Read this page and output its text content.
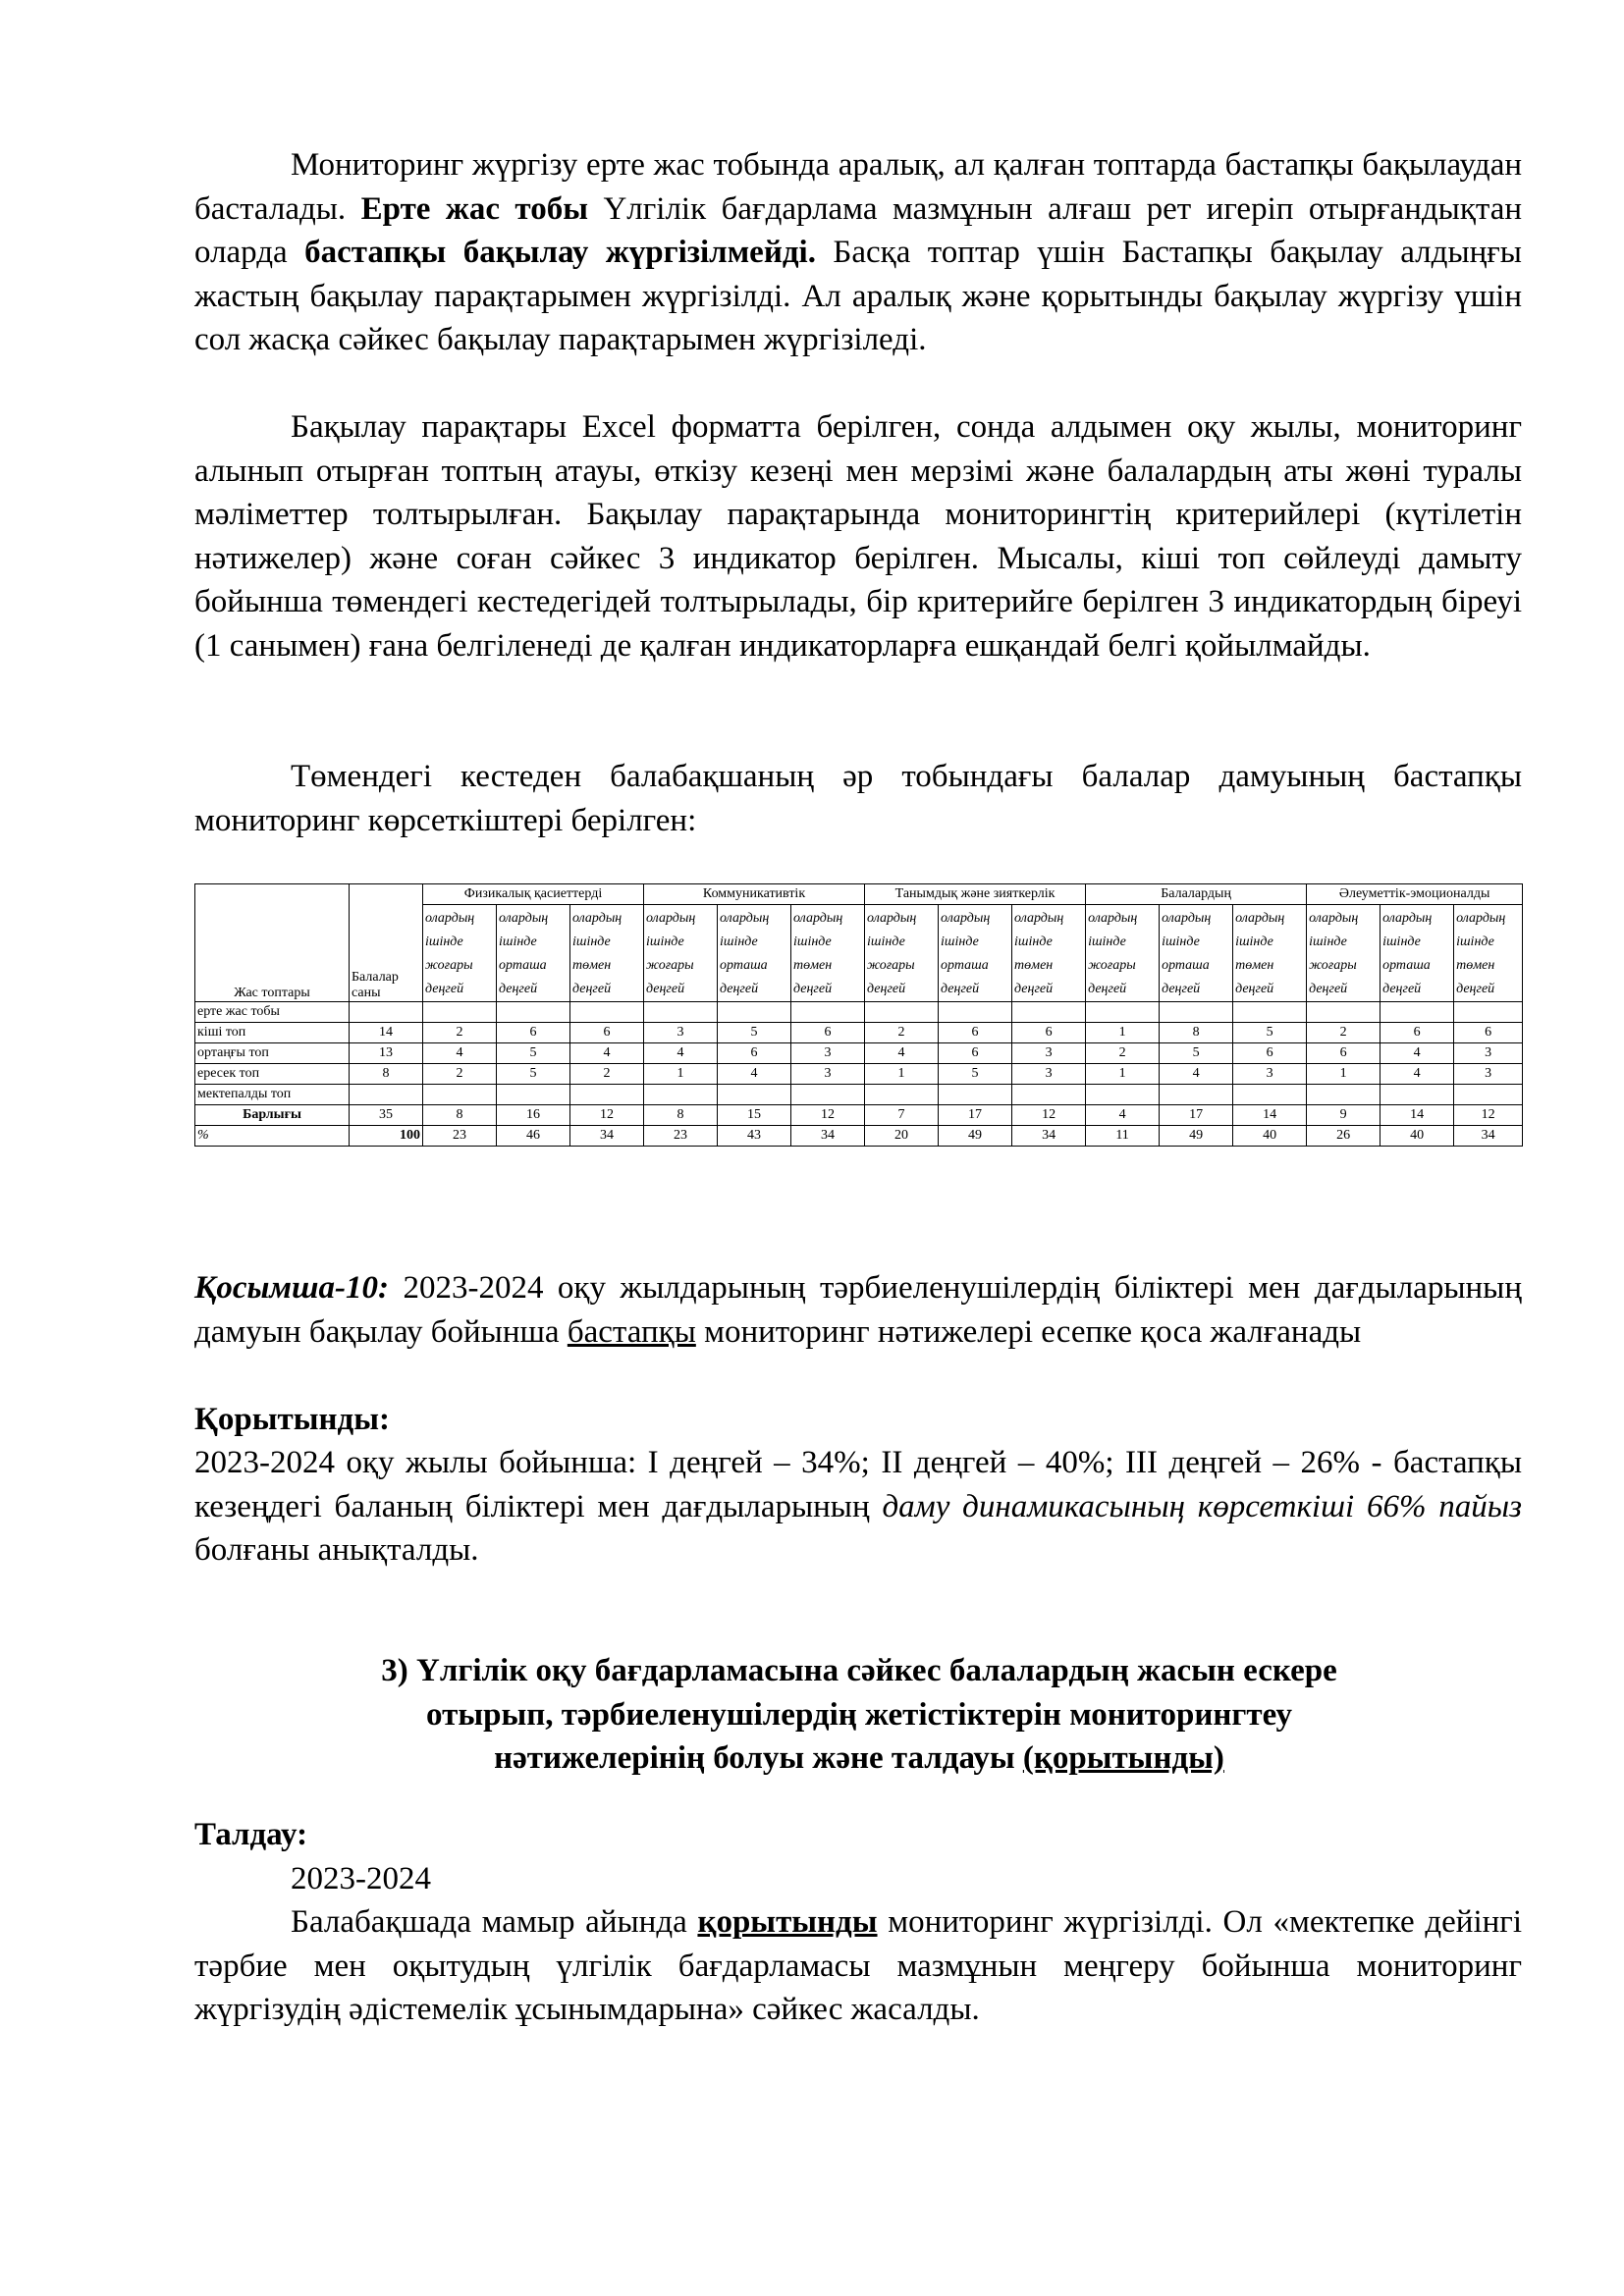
Мониторинг жүргізу ерте жас тобында аралық, ал қалған топтарда бастапқы бақылаудан басталады. Ерте жас тобы Үлгілік бағдарлама мазмұнын алғаш рет игеріп отырғандықтан оларда бастапқы бақылау жүргізілмейді. Басқа топтар үшін Бастапқы бақылау алдыңғы жастың бақылау парақтарымен жүргізілді. Ал аралық және қорытынды бақылау жүргізу үшін сол жасқа сәйкес бақылау парақтарымен жүргізіледі.

Бақылау парақтары Excel форматта берілген, сонда алдымен оқу жылы, мониторинг алынып отырған топтың атауы, өткізу кезеңі мен мерзімі және балалардың аты жөні туралы мәліметтер толтырылған. Бақылау парақтарында мониторингтің критерийлері (күтілетін нәтижелер) және соған сәйкес 3 индикатор берілген. Мысалы, кіші топ сөйлеуді дамыту бойынша төмендегі кестедегідей толтырылады, бір критерийге берілген 3 индикатордың біреуі (1 санымен) ғана белгіленеді де қалған индикаторларға ешқандай белгі қойылмайды.

Төмендегі кестеден балабақшаның әр тобындағы балалар дамуының бастапқы мониторинг көрсеткіштері берілген:

Жас топтары	Балалар саны	Физикалық қасиеттерді			Коммуникативтік			Танымдық және зияткерлік			Балалардың			Әлеуметтік-эмоционалды		
		олардың ішінде жоғары деңгей	олардың ішінде орташа деңгей	олардың ішінде төмен деңгей	олардың ішінде жоғары деңгей	олардың ішінде орташа деңгей	олардың ішінде төмен деңгей	олардың ішінде жоғары деңгей	олардың ішінде орташа деңгей	олардың ішінде төмен деңгей	олардың ішінде жоғары деңгей	олардың ішінде орташа деңгей	олардың ішінде төмен деңгей	олардың ішінде жоғары деңгей	олардың ішінде орташа деңгей	олардың ішінде төмен деңгей
ерте жас тобы																
кіші топ	14	2	6	6	3	5	6	2	6	6	1	8	5	2	6	6
ортаңғы топ	13	4	5	4	4	6	3	4	6	3	2	5	6	6	4	3
ересек топ	8	2	5	2	1	4	3	1	5	3	1	4	3	1	4	3
мектепалды топ																
Барлығы	35	8	16	12	8	15	12	7	17	12	4	17	14	9	14	12
%	100	23	46	34	23	43	34	20	49	34	11	49	40	26	40	34

Қосымша-10: 2023-2024 оқу жылдарының тәрбиеленушілердің біліктері мен дағдыларының дамуын бақылау бойынша бастапқы мониторинг нәтижелері есепке қоса жалғанады

Қорытынды:

2023-2024 оқу жылы бойынша: І деңгей – 34%; ІІ деңгей – 40%; ІІІ деңгей – 26% - бастапқы кезеңдегі баланың біліктері мен дағдыларының даму динамикасының көрсеткіші 66% пайыз болғаны анықталды.

3) Үлгілік оқу бағдарламасына сәйкес балалардың жасын ескере
отырып, тәрбиеленушілердің жетістіктерін мониторингтеу
нәтижелерінің болуы және талдауы (қорытынды)

Талдау:

2023-2024

Балабақшада мамыр айында қорытынды мониторинг жүргізілді. Ол «мектепке дейінгі тәрбие мен оқытудың үлгілік бағдарламасы мазмұнын меңгеру бойынша мониторинг жүргізудің әдістемелік ұсынымдарына» сәйкес жасалды.
